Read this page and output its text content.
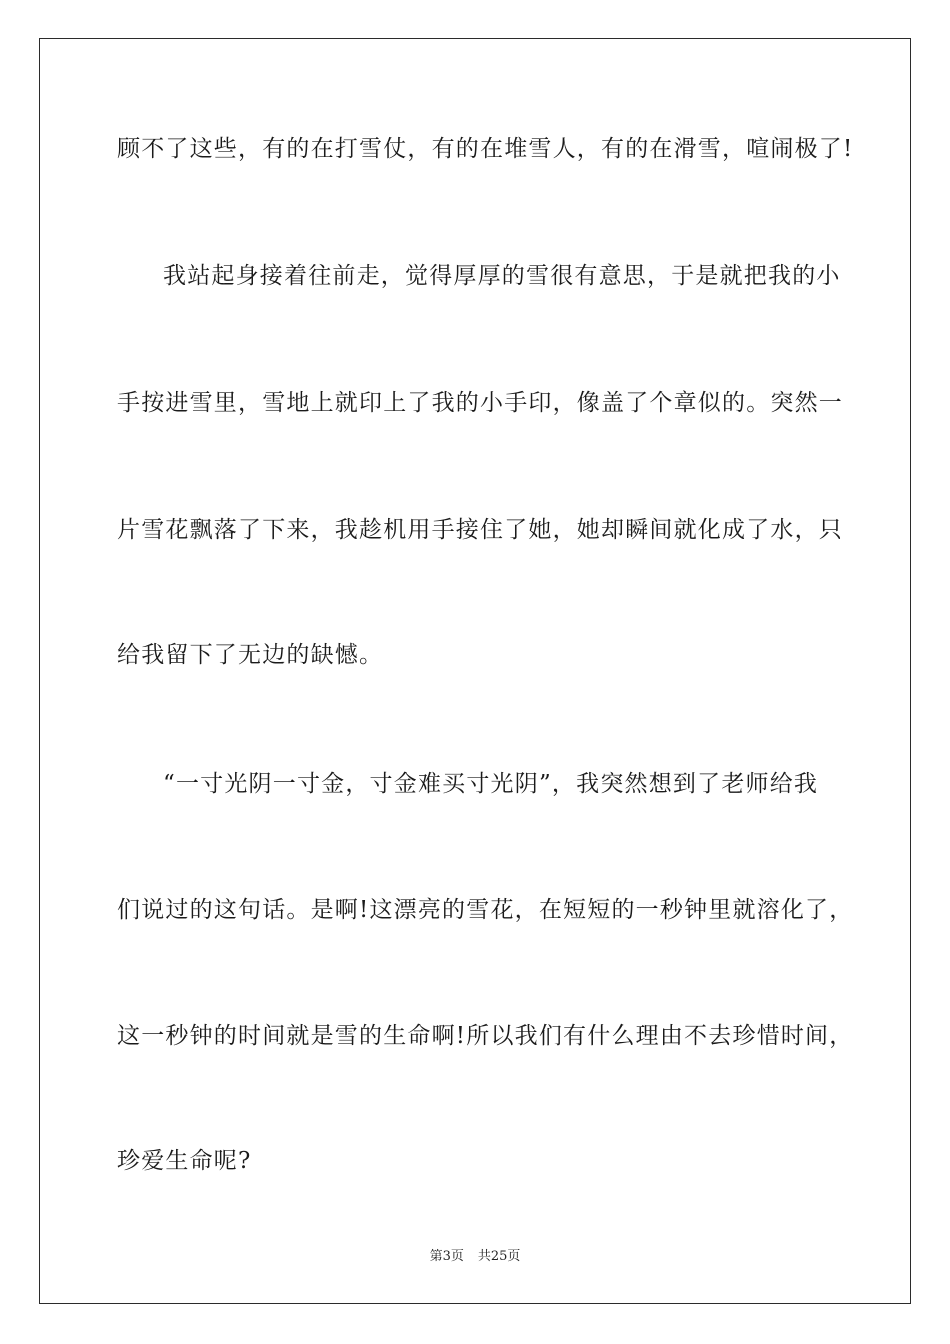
顾不了这些，有的在打雪仗，有的在堆雪人，有的在滑雪，喧闹极了!
我站起身接着往前走，觉得厚厚的雪很有意思，于是就把我的小
手按进雪里，雪地上就印上了我的小手印，像盖了个章似的。突然一
片雪花飘落了下来，我趁机用手接住了她，她却瞬间就化成了水，只
给我留下了无边的缺憾。
“一寸光阴一寸金，寸金难买寸光阴”，我突然想到了老师给我
们说过的这句话。是啊!这漂亮的雪花，在短短的一秒钟里就溶化了，
这一秒钟的时间就是雪的生命啊!所以我们有什么理由不去珍惜时间，
珍爱生命呢?
第3页 共25页
